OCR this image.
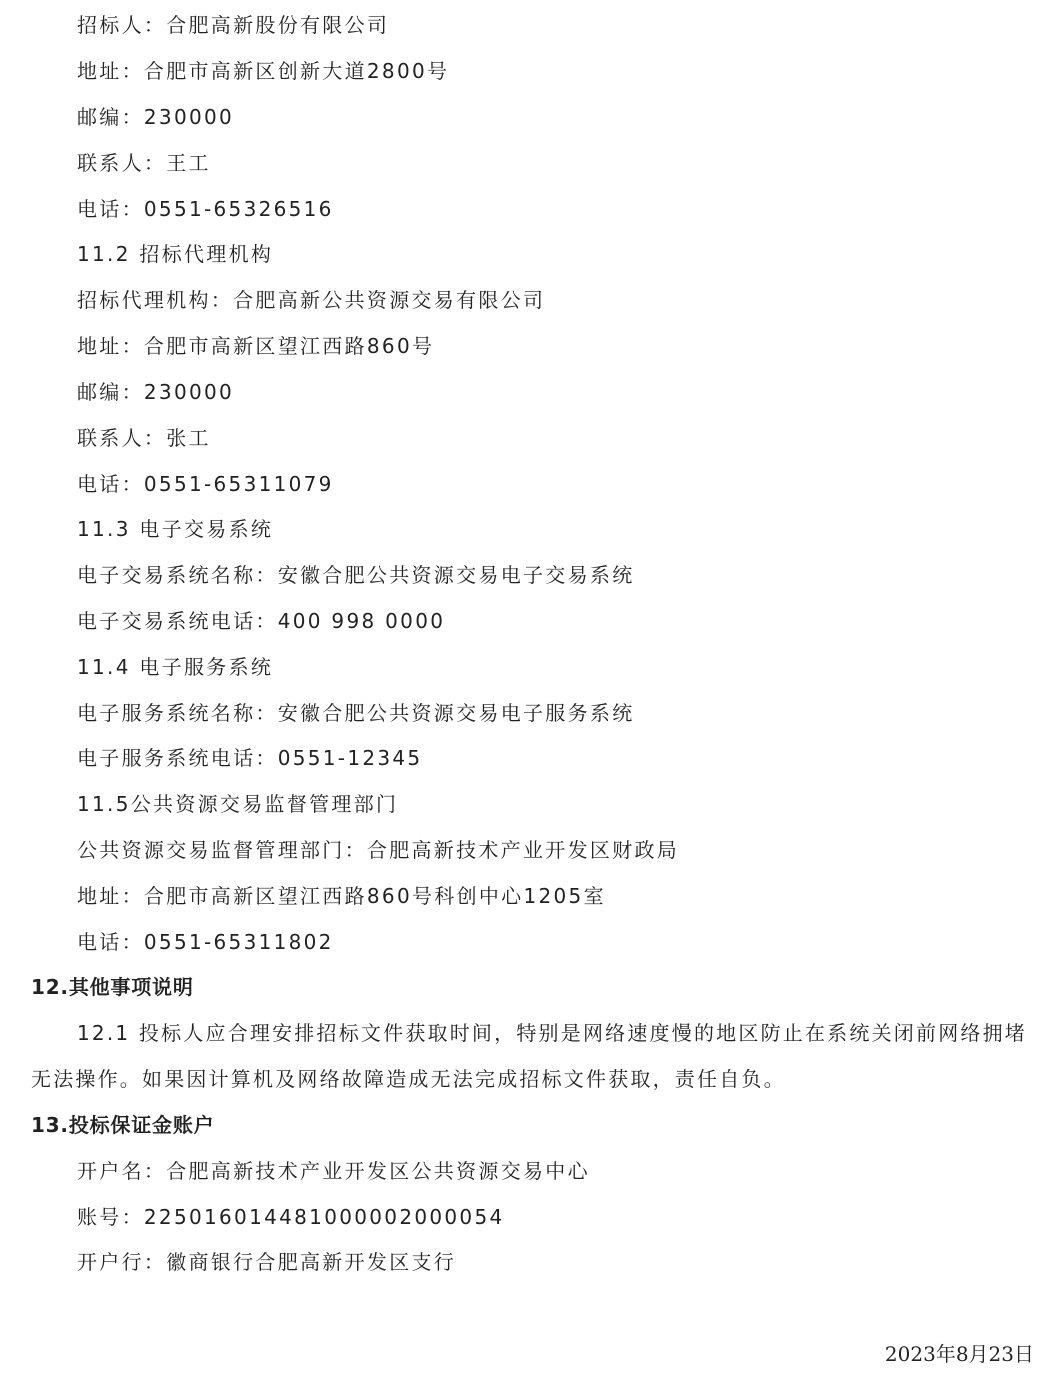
招标人：合肥高新股份有限公司
地址：合肥市高新区创新大道2800号
邮编：230000
联系人：王工
电话：0551-65326516
11.2 招标代理机构
招标代理机构：合肥高新公共资源交易有限公司
地址：合肥市高新区望江西路860号
邮编：230000
联系人：张工
电话：0551-65311079
11.3 电子交易系统
电子交易系统名称：安徽合肥公共资源交易电子交易系统
电子交易系统电话：400 998 0000
11.4 电子服务系统
电子服务系统名称：安徽合肥公共资源交易电子服务系统
电子服务系统电话：0551-12345
11.5公共资源交易监督管理部门
公共资源交易监督管理部门：合肥高新技术产业开发区财政局
地址：合肥市高新区望江西路860号科创中心1205室
电话：0551-65311802
12.其他事项说明
12.1 投标人应合理安排招标文件获取时间，特别是网络速度慢的地区防止在系统关闭前网络拥堵无法操作。如果因计算机及网络故障造成无法完成招标文件获取，责任自负。
13.投标保证金账户
开户名：合肥高新技术产业开发区公共资源交易中心
账号：22501601448100000200005​4
开户行：徽商银行合肥高新开发区支行
2023年8月23日
